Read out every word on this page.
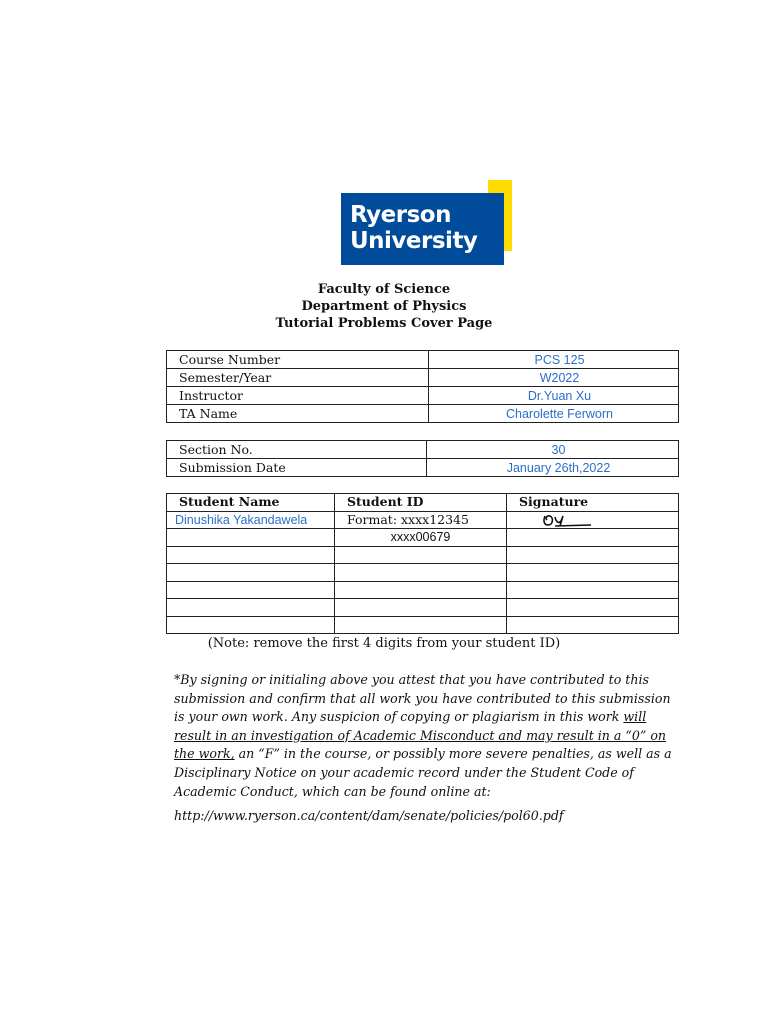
Ryerson
University
Faculty of Science
Department of Physics
Tutorial Problems Cover Page
Course Number	PCS 125
Semester/Year	W2022
Instructor	Dr.Yuan Xu
TA Name	Charolette Ferworn
Section No.	30
Submission Date	January 26th,2022
Student Name	Student ID	Signature
Dinushika Yakandawela	Format: xxxx12345	
	xxxx00679	

(Note: remove the first 4 digits from your student ID)
*By signing or initialing above you attest that you have contributed to this submission and confirm that all work you have contributed to this submission is your own work. Any suspicion of copying or plagiarism in this work will result in an investigation of Academic Misconduct and may result in a “0” on the work, an “F” in the course, or possibly more severe penalties, as well as a Disciplinary Notice on your academic record under the Student Code of Academic Conduct, which can be found online at:
http://www.ryerson.ca/content/dam/senate/policies/pol60.pdf
